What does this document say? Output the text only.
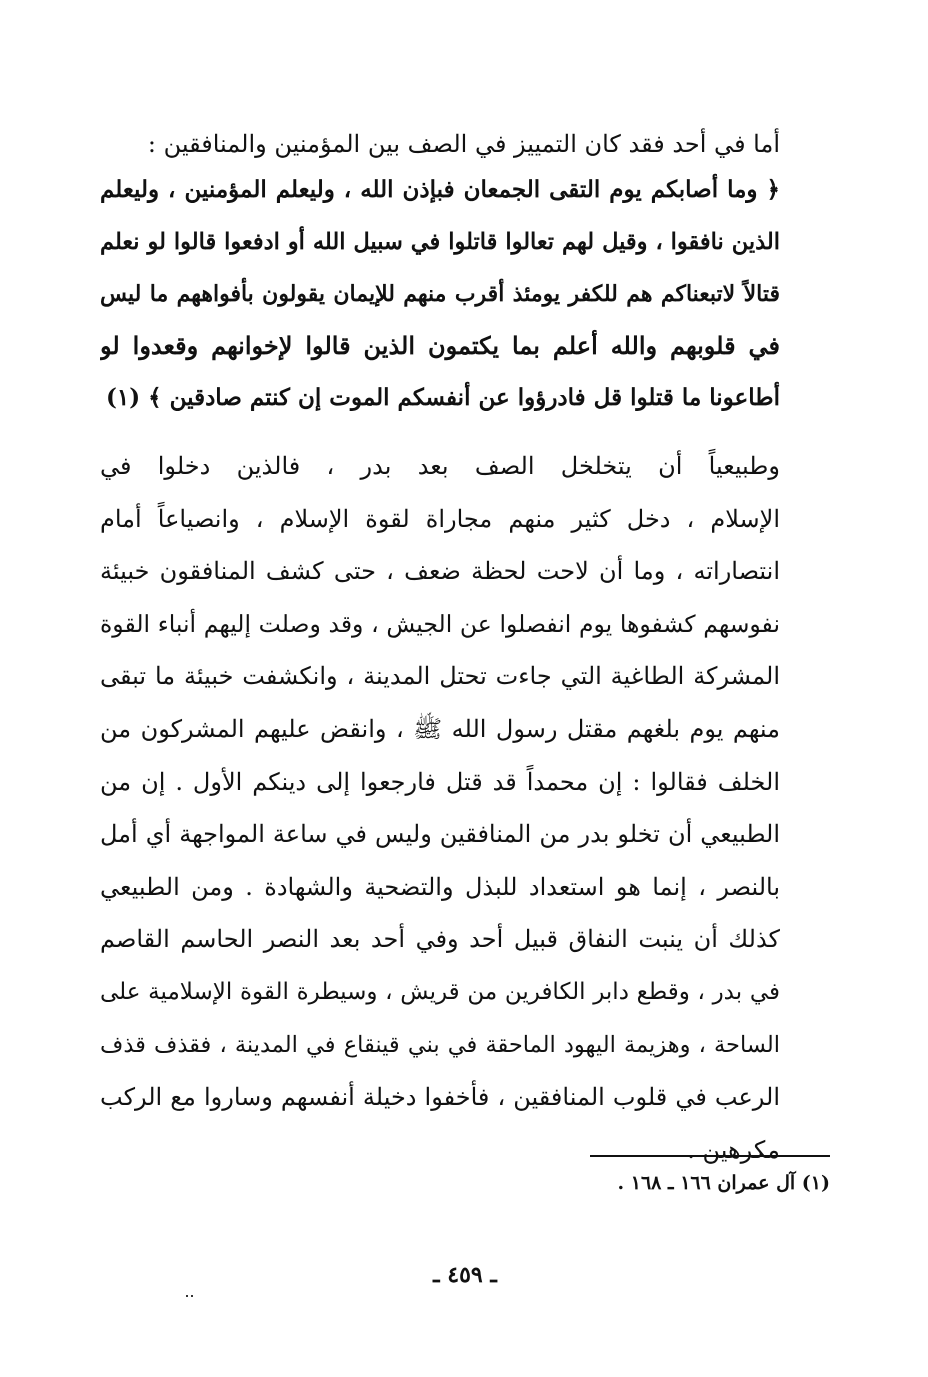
أما في أحد فقد كان التمييز في الصف بين المؤمنين والمنافقين :
﴿ وما أصابكم يوم التقى الجمعان فبإذن الله ، وليعلم المؤمنين ، وليعلم
الذين نافقوا ، وقيل لهم تعالوا قاتلوا في سبيل الله أو ادفعوا قالوا لو نعلم
قتالاً لاتبعناكم هم للكفر يومئذ أقرب منهم للإيمان يقولون بأفواههم ما ليس
في قلوبهم والله أعلم بما يكتمون الذين قالوا لإخوانهم وقعدوا لو
أطاعونا ما قتلوا قل فادرؤوا عن أنفسكم الموت إن كنتم صادقين ﴾ (١)
وطبيعياً أن يتخلخل الصف بعد بدر ، فالذين دخلوا في
الإسلام ، دخل كثير منهم مجاراة لقوة الإسلام ، وانصياعاً أمام
انتصاراته ، وما أن لاحت لحظة ضعف ، حتى كشف المنافقون خبيئة
نفوسهم كشفوها يوم انفصلوا عن الجيش ، وقد وصلت إليهم أنباء القوة
المشركة الطاغية التي جاءت تحتل المدينة ، وانكشفت خبيئة ما تبقى
منهم يوم بلغهم مقتل رسول الله ﷺ ، وانقض عليهم المشركون من
الخلف فقالوا : إن محمداً قد قتل فارجعوا إلى دينكم الأول . إن من
الطبيعي أن تخلو بدر من المنافقين وليس في ساعة المواجهة أي أمل
بالنصر ، إنما هو استعداد للبذل والتضحية والشهادة . ومن الطبيعي
كذلك أن ينبت النفاق قبيل أحد وفي أحد بعد النصر الحاسم القاصم
في بدر ، وقطع دابر الكافرين من قريش ، وسيطرة القوة الإسلامية على
الساحة ، وهزيمة اليهود الماحقة في بني قينقاع في المدينة ، فقذف قذف
الرعب في قلوب المنافقين ، فأخفوا دخيلة أنفسهم وساروا مع الركب
مكرهين .
(١) آل عمران ١٦٦ ـ ١٦٨ .
ـ ٤٥٩ ـ
